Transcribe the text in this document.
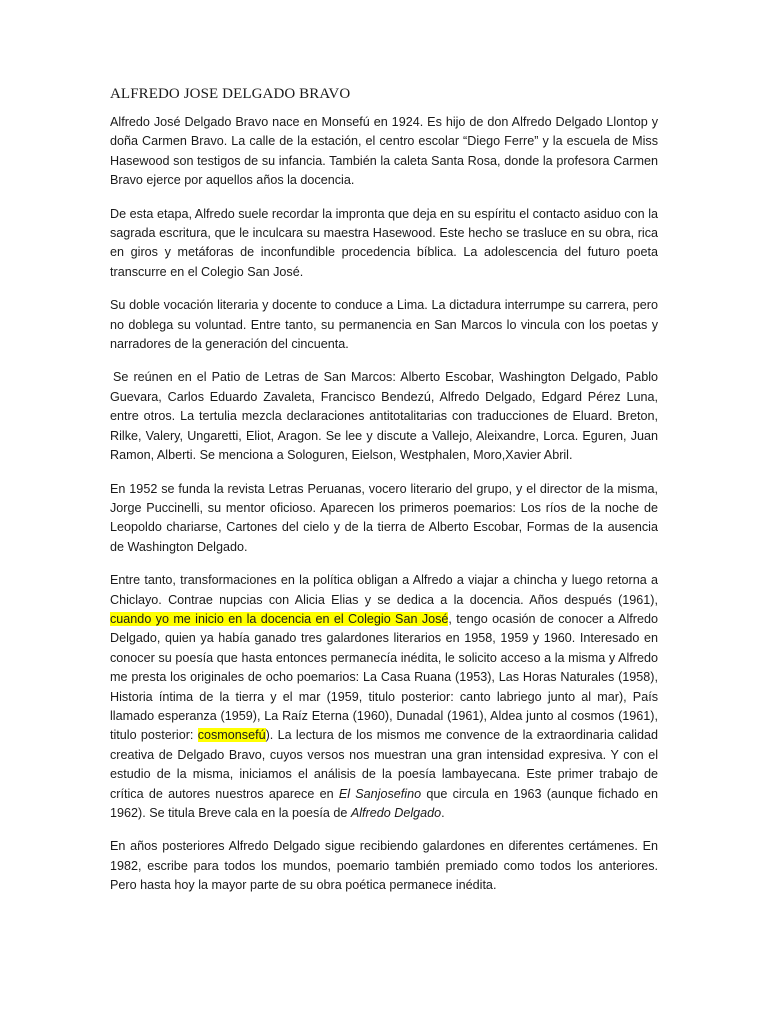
ALFREDO JOSE DELGADO BRAVO

Alfredo José Delgado Bravo nace en Monsefú en 1924. Es hijo de don Alfredo Delgado Llontop y doña Carmen Bravo. La calle de la estación, el centro escolar “Diego Ferre” y la escuela de Miss Hasewood son testigos de su infancia. También la caleta Santa Rosa, donde la profesora Carmen Bravo ejerce por aquellos años la docencia.

De esta etapa, Alfredo suele recordar la impronta que deja en su espíritu el contacto asiduo con la sagrada escritura, que le inculcara su maestra Hasewood. Este hecho se trasluce en su obra, rica en giros y metáforas de inconfundible procedencia bíblica. La adolescencia del futuro poeta transcurre en el Colegio San José.

Su doble vocación literaria y docente to conduce a Lima. La dictadura interrumpe su carrera, pero no doblega su voluntad. Entre tanto, su permanencia en San Marcos lo vincula con los poetas y narradores de la generación del cincuenta.

Se reúnen en el Patio de Letras de San Marcos: Alberto Escobar, Washington Delgado, Pablo Guevara, Carlos Eduardo Zavaleta, Francisco Bendezú, Alfredo Delgado, Edgard Pérez Luna, entre otros. La tertulia mezcla declaraciones antitotalitarias con traducciones de Eluard. Breton, Rilke, Valery, Ungaretti, Eliot, Aragon. Se lee y discute a Vallejo, Aleixandre, Lorca. Eguren, Juan Ramon, Alberti. Se menciona a Sologuren, Eielson, Westphalen, Moro,Xavier Abril.

En 1952 se funda la revista Letras Peruanas, vocero literario del grupo, y el director de la misma, Jorge Puccinelli, su mentor oficioso. Aparecen los primeros poemarios: Los ríos de la noche de Leopoldo chariarse, Cartones del cielo y de la tierra de Alberto Escobar, Formas de Ia ausencia de Washington Delgado.

Entre tanto, transformaciones en la política obligan a Alfredo a viajar a chincha y luego retorna a Chiclayo. Contrae nupcias con Alicia Elias y se dedica a la docencia. Años después (1961), cuando yo me inicio en la docencia en el Colegio San José, tengo ocasión de conocer a Alfredo Delgado, quien ya había ganado tres galardones literarios en 1958, 1959 y 1960. Interesado en conocer su poesía que hasta entonces permanecía inédita, le solicito acceso a la misma y Alfredo me presta los originales de ocho poemarios: La Casa Ruana (1953), Las Horas Naturales (1958), Historia íntima de la tierra y el mar (1959, titulo posterior: canto labriego junto al mar), País llamado esperanza (1959), La Raíz Eterna (1960), Dunadal (1961), Aldea junto al cosmos (1961), titulo posterior: cosmonsefú). La lectura de los mismos me convence de la extraordinaria calidad creativa de Delgado Bravo, cuyos versos nos muestran una gran intensidad expresiva. Y con el estudio de la misma, iniciamos el análisis de la poesía lambayecana. Este primer trabajo de crítica de autores nuestros aparece en El Sanjosefino que circula en 1963 (aunque fichado en 1962). Se titula Breve cala en la poesía de Alfredo Delgado.

En años posteriores Alfredo Delgado sigue recibiendo galardones en diferentes certámenes. En 1982, escribe para todos los mundos, poemario también premiado como todos los anteriores. Pero hasta hoy la mayor parte de su obra poética permanece inédita.
